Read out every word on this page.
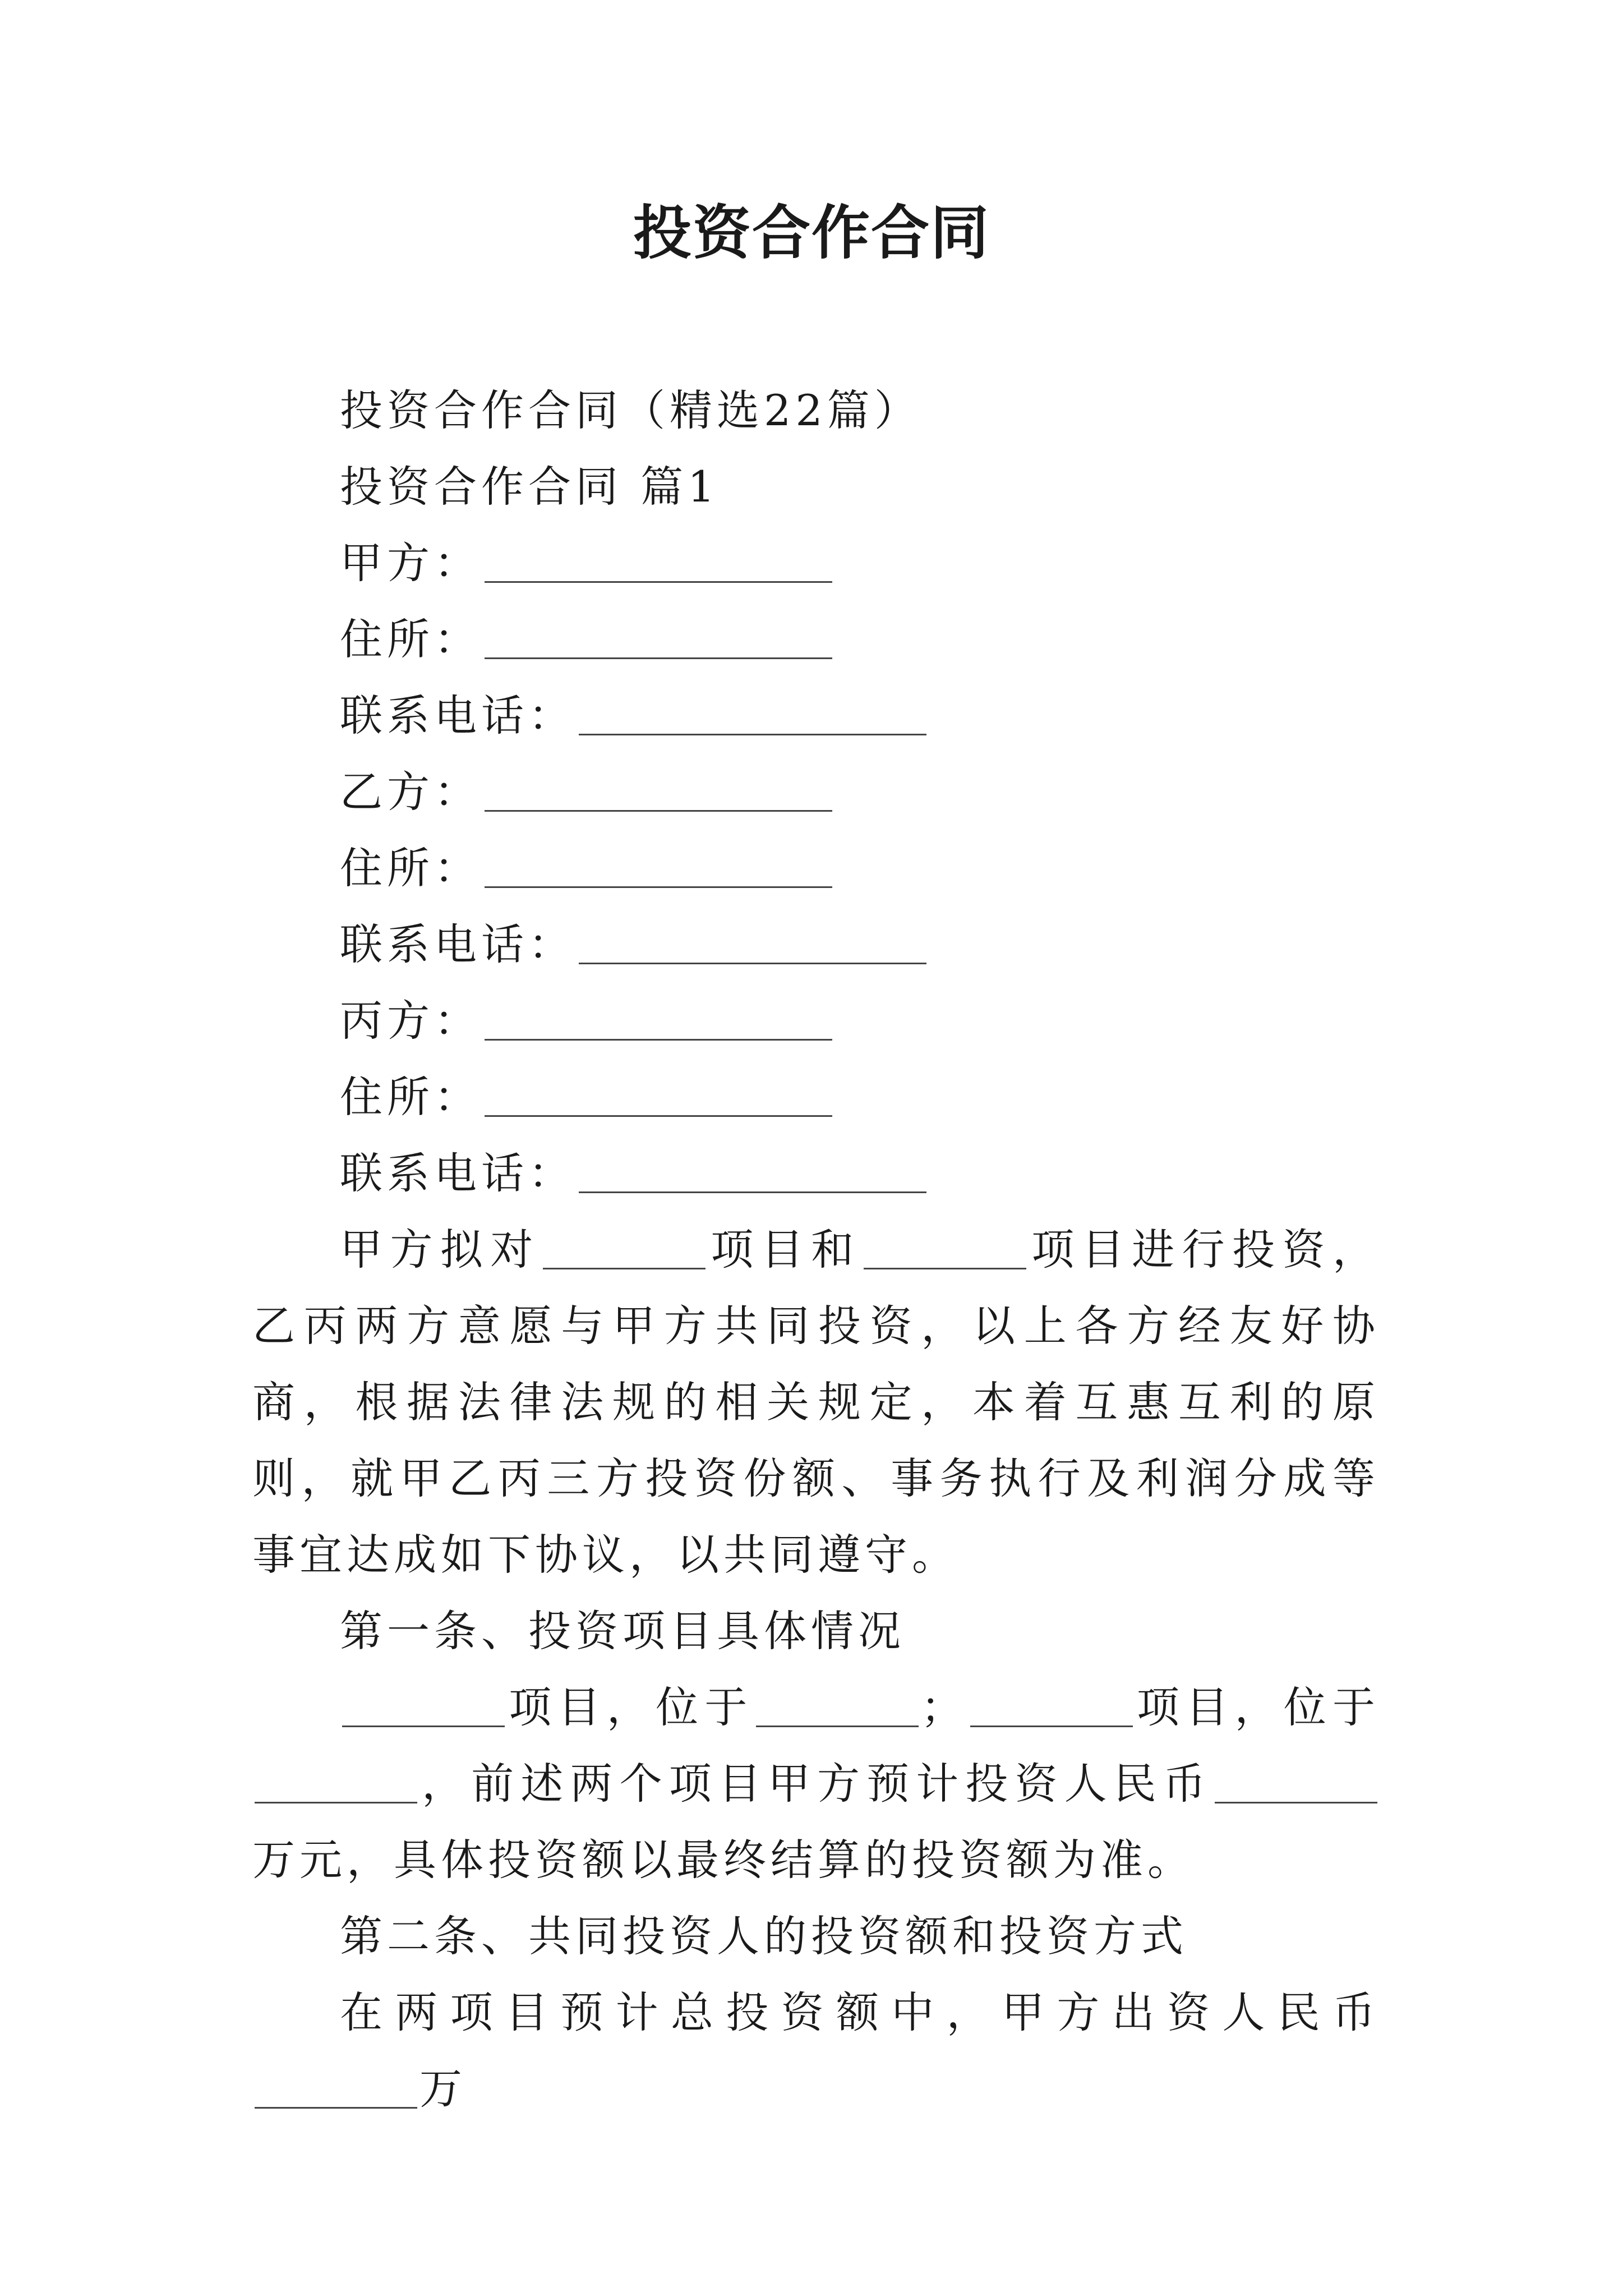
投资合作合同
投资合作合同（精选22篇）
投资合作合同 篇1
甲方：
住所：
联系电话：
乙方：
住所：
联系电话：
丙方：
住所：
联系电话：
甲方拟对	项目和	项目进行投资，乙丙两方意愿与甲方共同投资，以上各方经友好协商，根据法律法规的相关规定，本着互惠互利的原则，就甲乙丙三方投资份额、事务执行及利润分成等事宜达成如下协议，以共同遵守。
第一条、投资项目具体情况
项目，位于	；	项目，位于，前述两个项目甲方预计投资人民币万元，具体投资额以最终结算的投资额为准。
第二条、共同投资人的投资额和投资方式
在两项目预计总投资额中，甲方出资人民币万
